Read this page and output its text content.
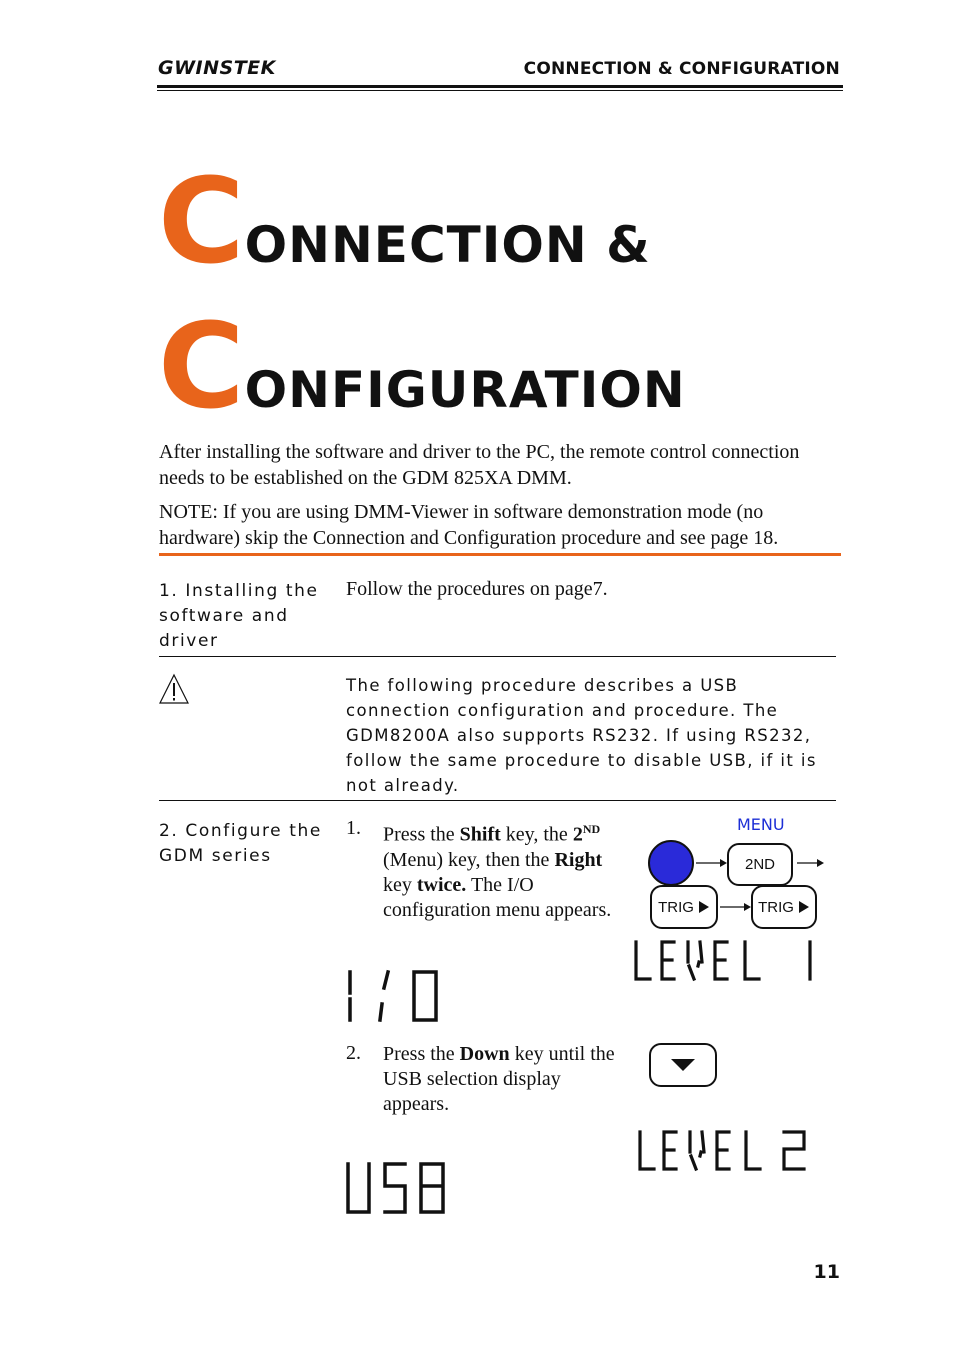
GWINSTEK	CONNECTION & CONFIGURATION
CONNECTION &
CONFIGURATION
After installing the software and driver to the PC, the remote control connection needs to be established on the GDM 825XA DMM.
NOTE: If you are using DMM-Viewer in software demonstration mode (no hardware) skip the Connection and Configuration procedure and see page 18.
1. Installing the software and driver
Follow the procedures on page7.
The following procedure describes a USB connection configuration and procedure. The GDM8200A also supports RS232. If using RS232, follow the same procedure to disable USB, if it is not already.
2. Configure the GDM series
1. Press the Shift key, the 2ND
(Menu) key, then the Right
key twice. The I/O
configuration menu appears.
MENU
2ND
TRIG	TRIG
2. Press the Down key until the
USB selection display
appears.
11
